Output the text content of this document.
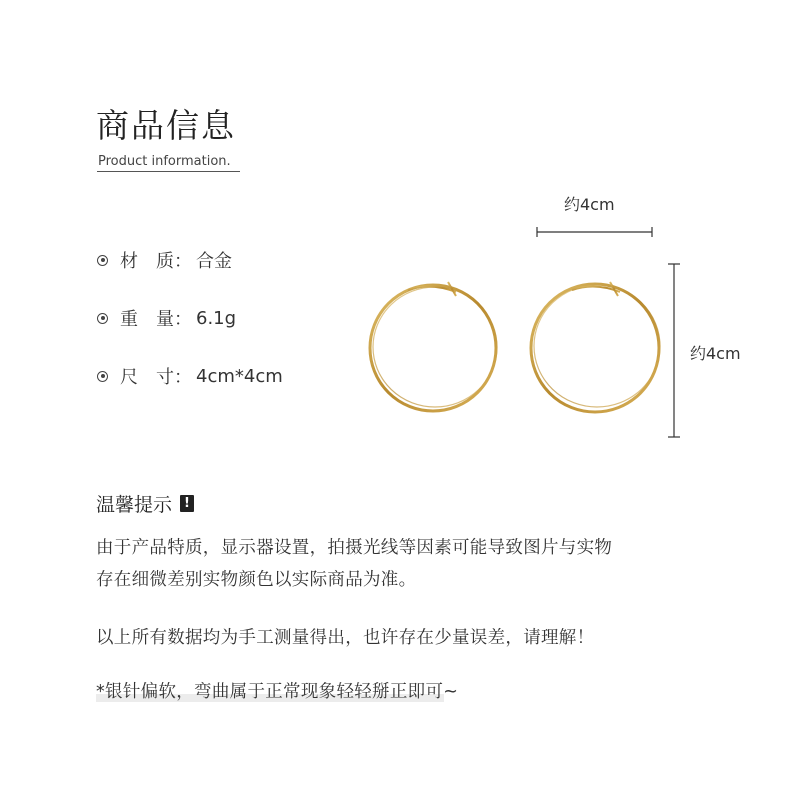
商品信息
Product information.
材 质： 合金
重 量： 6.1g
尺 寸： 4cm*4cm
约4cm
约4cm
温馨提示 !
由于产品特质，显示器设置，拍摄光线等因素可能导致图片与实物
存在细微差别实物颜色以实际商品为准。
以上所有数据均为手工测量得出，也许存在少量误差，请理解！
*银针偏软，弯曲属于正常现象轻轻掰正即可~
